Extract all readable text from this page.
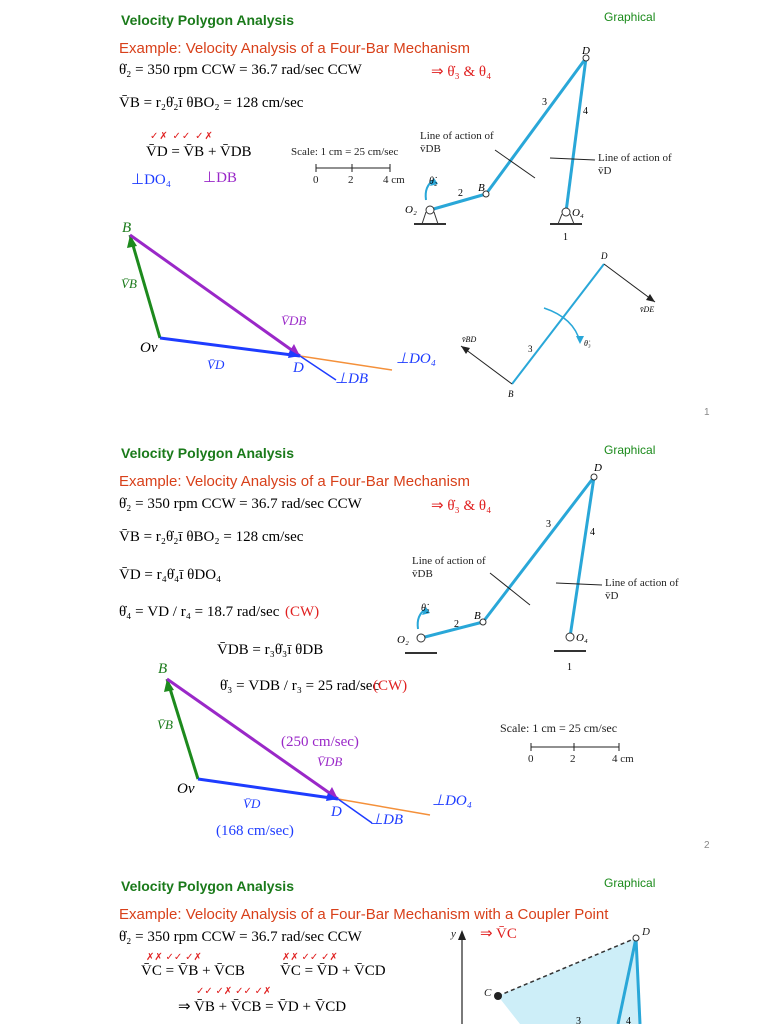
Velocity Polygon Analysis	Graphical
Example: Velocity Analysis of a Four-Bar Mechanism
θ̇₂ = 350 rpm CCW = 36.7 rad/sec CCW	⇒ θ̇₃ & θ₄
V̄B = r₂θ̇₂ī θBO₂ = 128 cm/sec
✓✗ ✓✓ ✓✗
V̄D = V̄B + V̄DB
⊥DO₄ ⊥DB
Scale: 1 cm = 25 cm/sec
0	2	4 cm
D
3
4
B
2
O₂	O₄
1
θ̇₂
D
B
3
v̄DE
v̄BD	θ̇₃
Line of action of v̄DB
Line of action of v̄D
B
V̄B
Ov
V̄D	D
V̄DB
⊥DO₄
⊥DB
1
Velocity Polygon Analysis	Graphical
Example: Velocity Analysis of a Four-Bar Mechanism
θ̇₂ = 350 rpm CCW = 36.7 rad/sec CCW	⇒ θ̇₃ & θ₄
V̄B = r₂θ̇₂ī θBO₂ = 128 cm/sec
V̄D = r₄θ̇₄ī θDO₄
θ̇₄ = VD / r₄ = 18.7 rad/sec (CW)
V̄DB = r₃θ̇₃ī θDB
θ̇₃ = VDB / r₃ = 25 rad/sec
(CW)
Scale: 1 cm = 25 cm/sec
0	2	4 cm
D
3
4
B
2
O₂	O₄
1
θ̇₂
Line of action of v̄DB
Line of action of v̄D
B
V̄B
Ov
V̄D
(168 cm/sec)
D
(250 cm/sec)
V̄DB
⊥DO₄
⊥DB
2
Velocity Polygon Analysis	Graphical
Example: Velocity Analysis of a Four-Bar Mechanism with a Coupler Point
θ̇₂ = 350 rpm CCW = 36.7 rad/sec CCW	⇒ V̄C
✗✗ ✓✓ ✓✗	✗✗ ✓✓ ✓✗
V̄C = V̄B + V̄CB V̄C = V̄D + V̄CD
✓✓ ✓✗ ✓✓ ✓✗
⇒ V̄B + V̄CB = V̄D + V̄CD
3	4
y
C
D
